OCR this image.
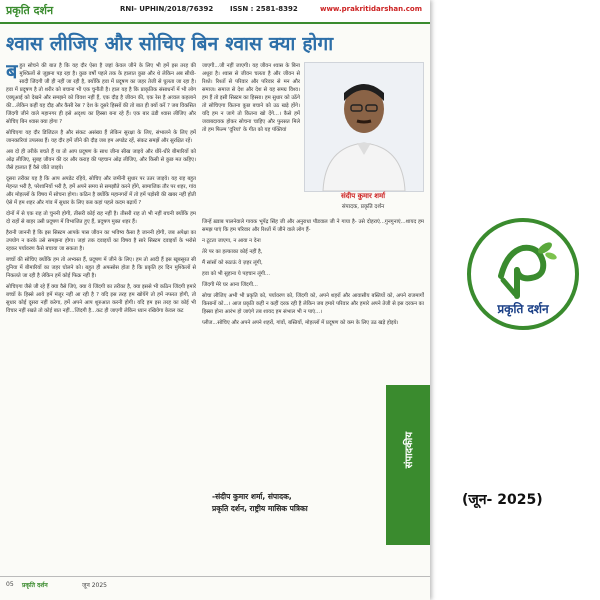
प्रकृति दर्शन	RNI- UPHIN/2018/76392 ISSN : 2581-8392	www.prakritidarshan.com
श्वास लीजिए और सोचिए बिन श्वास क्या होगा
ब हुत सोचने की बात है कि यह दौर ऐसा है जहां केवल जीने के लिए भी हमें इस तरह की मुश्किलों से जूझना पड़ रहा है। कुछ वर्षों पहले तक के हालात कुछ और थे लेकिन अब सीधी-सादी जिंदगी जी ही नहीं जा रही है, क्योंकि हवा में प्रदूषण का जहर तेजी से घुलता जा रहा है। हवा में प्रदूषण है तो शरीर को बचाना भी एक चुनौती है। हाल यह है कि प्राकृतिक संसाधनों में भी लोग एक्यूआई को देखने और समझने को विवश नहीं हैं, एक दौड़ है जीवन की, एक रेस है अव्वल कहलाने की...लेकिन कहीं यह दौड़ और कैसी रेस ? देश के दूसरे हिस्सों की तो बात ही क्यों करें ? जब विकसित जिंदगी जीने वाले महानगर ही इसे अदृश्य का हिस्सा बना रहे हैं। एक बार ठंडी श्वास लीजिए और सोचिए बिन श्वास क्या होगा ?

सोचिएगा यह दौर डिजिटल है और संकट असंख्य हैं लेकिन सुरक्षा के लिए, संभालने के लिए हमें जानकारियां उपलब्ध हैं। यह दौर हमें जीने की दौड़ जब हम अपडेट रहें, संकट समझें और सुरक्षित रहें।

अब दो ही तरीके बचते हैं या तो आप प्रदूषण के साथ जीना सीख जाइये और धीरे-धीरे बीमारियों को ओढ़ लीजिए, सुबह जीवन की दर और कराह की पहचान ओढ़ लीजिए, और किसी से कुछ मत कहिए। जैसे हालात हैं वैसे जीते जाइये।

दूसरा तरीका यह है कि आप अपडेट रहिये, सोचिए और जमीनी सुधार पर उतर जाइये। यह राह बहुत मेहनत भरी है, परेशानियों भरी है, हमें अपने समय से समझौते करने होंगे, सामाजिक तौर पर शहर, गांव और मोहल्लों के विषय में सोचना होगा। कठिन है क्योंकि महानगरों में तो हमें पड़ोसी की खबर नहीं होती ऐसे में हम शहर और गांव में सुधार के लिए कब कहां पहले कदम बढ़ायें ?

दोनों में से एक राह तो चुननी होगी, तीसरी कोई राह नहीं है। तीसरी राह तो भी नहीं बचनी क्योंकि हम दो राहों से बाहर उसी प्रदूषण में विभाजित हुए हैं, प्रदूषण मुक्त शहर हैं।

हैरानी जाननी है कि इस सिस्टम आपके पास जीवन का भविष्य कैसा है जाननी होगी, जब अपेक्षा का उपयोग न करके उसे समझना होगा। जहां तक दवाइयों का विषय है सारे सिस्टम दवाइयों के भरोसे रहकर पर्यावरण कैसे बचाया जा सकता है।

बच्चों की सोचिए क्योंकि हम तो अभ्यस्त हैं, प्रदूषण में जीने के लिए। हम तो आदी हैं इस खूबसूरत सी दुनिया में बीमारियों का जहर घोलने को। बहुत ही अफसोस होता है कि प्रकृति हर दिन मुश्किलों से निकलते जा रही है लेकिन हमें कोई फिक्र नहीं है।

सोचिएगा जैसे जी रहे हैं क्या वैसे जिएं, क्या ये जिंदगी का तरीका है, क्या इससे भी कठिन जिंदगी हमारे बच्चों के हिस्से आये हमें मंजूर नहीं आ रही है ? यदि इस तरह हम खोयेंगे तो हमें नफरत होगी, तो सुधार कोई दूसरा नहीं करेगा, हमें अपने आप शुरुआत करनी होगी। यदि हम इस तरह का कोई भी विचार नहीं रखते तो कोई बात नहीं...जिंदगी है...कट ही जाएगी लेकिन ध्यान रखियेगा केवल कट

जाएगी...जी नहीं जाएगी। यह जीवन श्वास के बिना अधूरा है। श्वास से जीवन चलता है और जीवन से रिश्ते। रिश्तों से परिवार और परिवार से मन और समाज। समाज से देश और देश से यह समग्र विश्व। हम हैं तो इसी सिस्टम का हिस्सा। हम सुधार को उठेंगे तो सोचिएगा कितना कुछ बचाने को उठ खड़े होंगे। यदि हम न जागे तो कितना खो देंगे...। कैसे हमें जवाबदायक होकर सोचना चाहिए और फुरसत मिले तो हम फिल्म 'दूरियां' के गीत को यह पंक्तियां

संदीप कुमार शर्मा
संपादक, प्रकृति दर्शन

जिन्हें ख़्वाब पालनेवाले गायक भूपेंद्र सिंह जी और अनुराधा पौडवाल जी ने गाया है- उसे दोहराएं...गुनगुनाएं...शायद हम समझ पाएं कि हम परिवार और रिश्तों में जीने वाले लोग हैं-

न टूटता जाएगा, न आया न देना

तेरे पर का हल्काका कोई नहीं है,

मैं सांसों को रुठाऊं वे ज़हर लूंगी,

हवा को भी सुहाना ये पहचान लूंगी...

जिंदगी मेरे घर आना जिंदगी...

सोचा लीजिए अभी भी प्रकृति को, पर्यावरण को, जिंदगी को, अपने शहरों और आवासीय बस्तियों को, अपने राजमार्गों किसानों को...। आज प्रकृति कहीं न कहीं दरक रही है लेकिन जब हमारे परिवार और हमारे अपने तेजी से इस दरकन का हिस्सा होना आरंभ हो जाएंगे तब शायद हम संभाल भी न पाएं...।

प्लीज...सोचिए और अपने अपने शहरों, गांवों, बस्तियों, मोहल्लों में प्रदूषण को कम के लिए उठ खड़े होइये।

संपादकीय
-संदीप कुमार शर्मा, संपादक,
प्रकृति दर्शन, राष्ट्रीय मासिक पत्रिका
05 प्रकृति दर्शन	जून 2025
प्रकृति दर्शन
(जून- 2025)
